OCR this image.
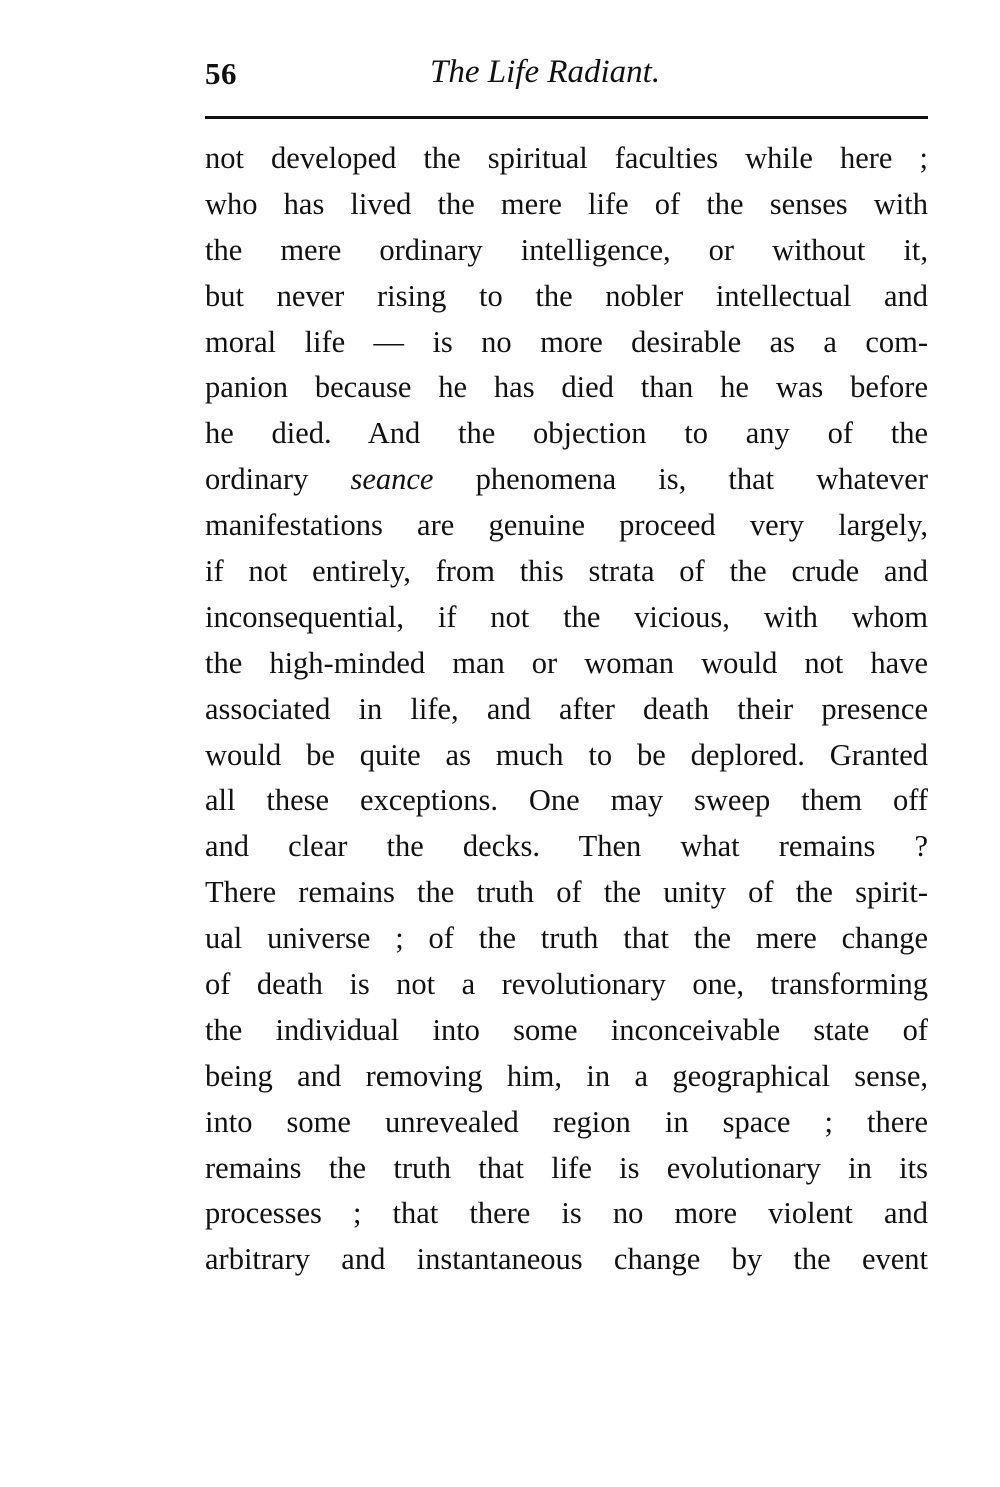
56	The Life Radiant.
not developed the spiritual faculties while here ;
who has lived the mere life of the senses with
the mere ordinary intelligence, or without it,
but never rising to the nobler intellectual and
moral life — is no more desirable as a com-
panion because he has died than he was before
he died. And the objection to any of the
ordinary seance phenomena is, that whatever
manifestations are genuine proceed very largely,
if not entirely, from this strata of the crude and
inconsequential, if not the vicious, with whom
the high-minded man or woman would not have
associated in life, and after death their presence
would be quite as much to be deplored. Granted
all these exceptions. One may sweep them off
and clear the decks. Then what remains ?
There remains the truth of the unity of the spirit-
ual universe ; of the truth that the mere change
of death is not a revolutionary one, transforming
the individual into some inconceivable state of
being and removing him, in a geographical sense,
into some unrevealed region in space ; there
remains the truth that life is evolutionary in its
processes ; that there is no more violent and
arbitrary and instantaneous change by the event
